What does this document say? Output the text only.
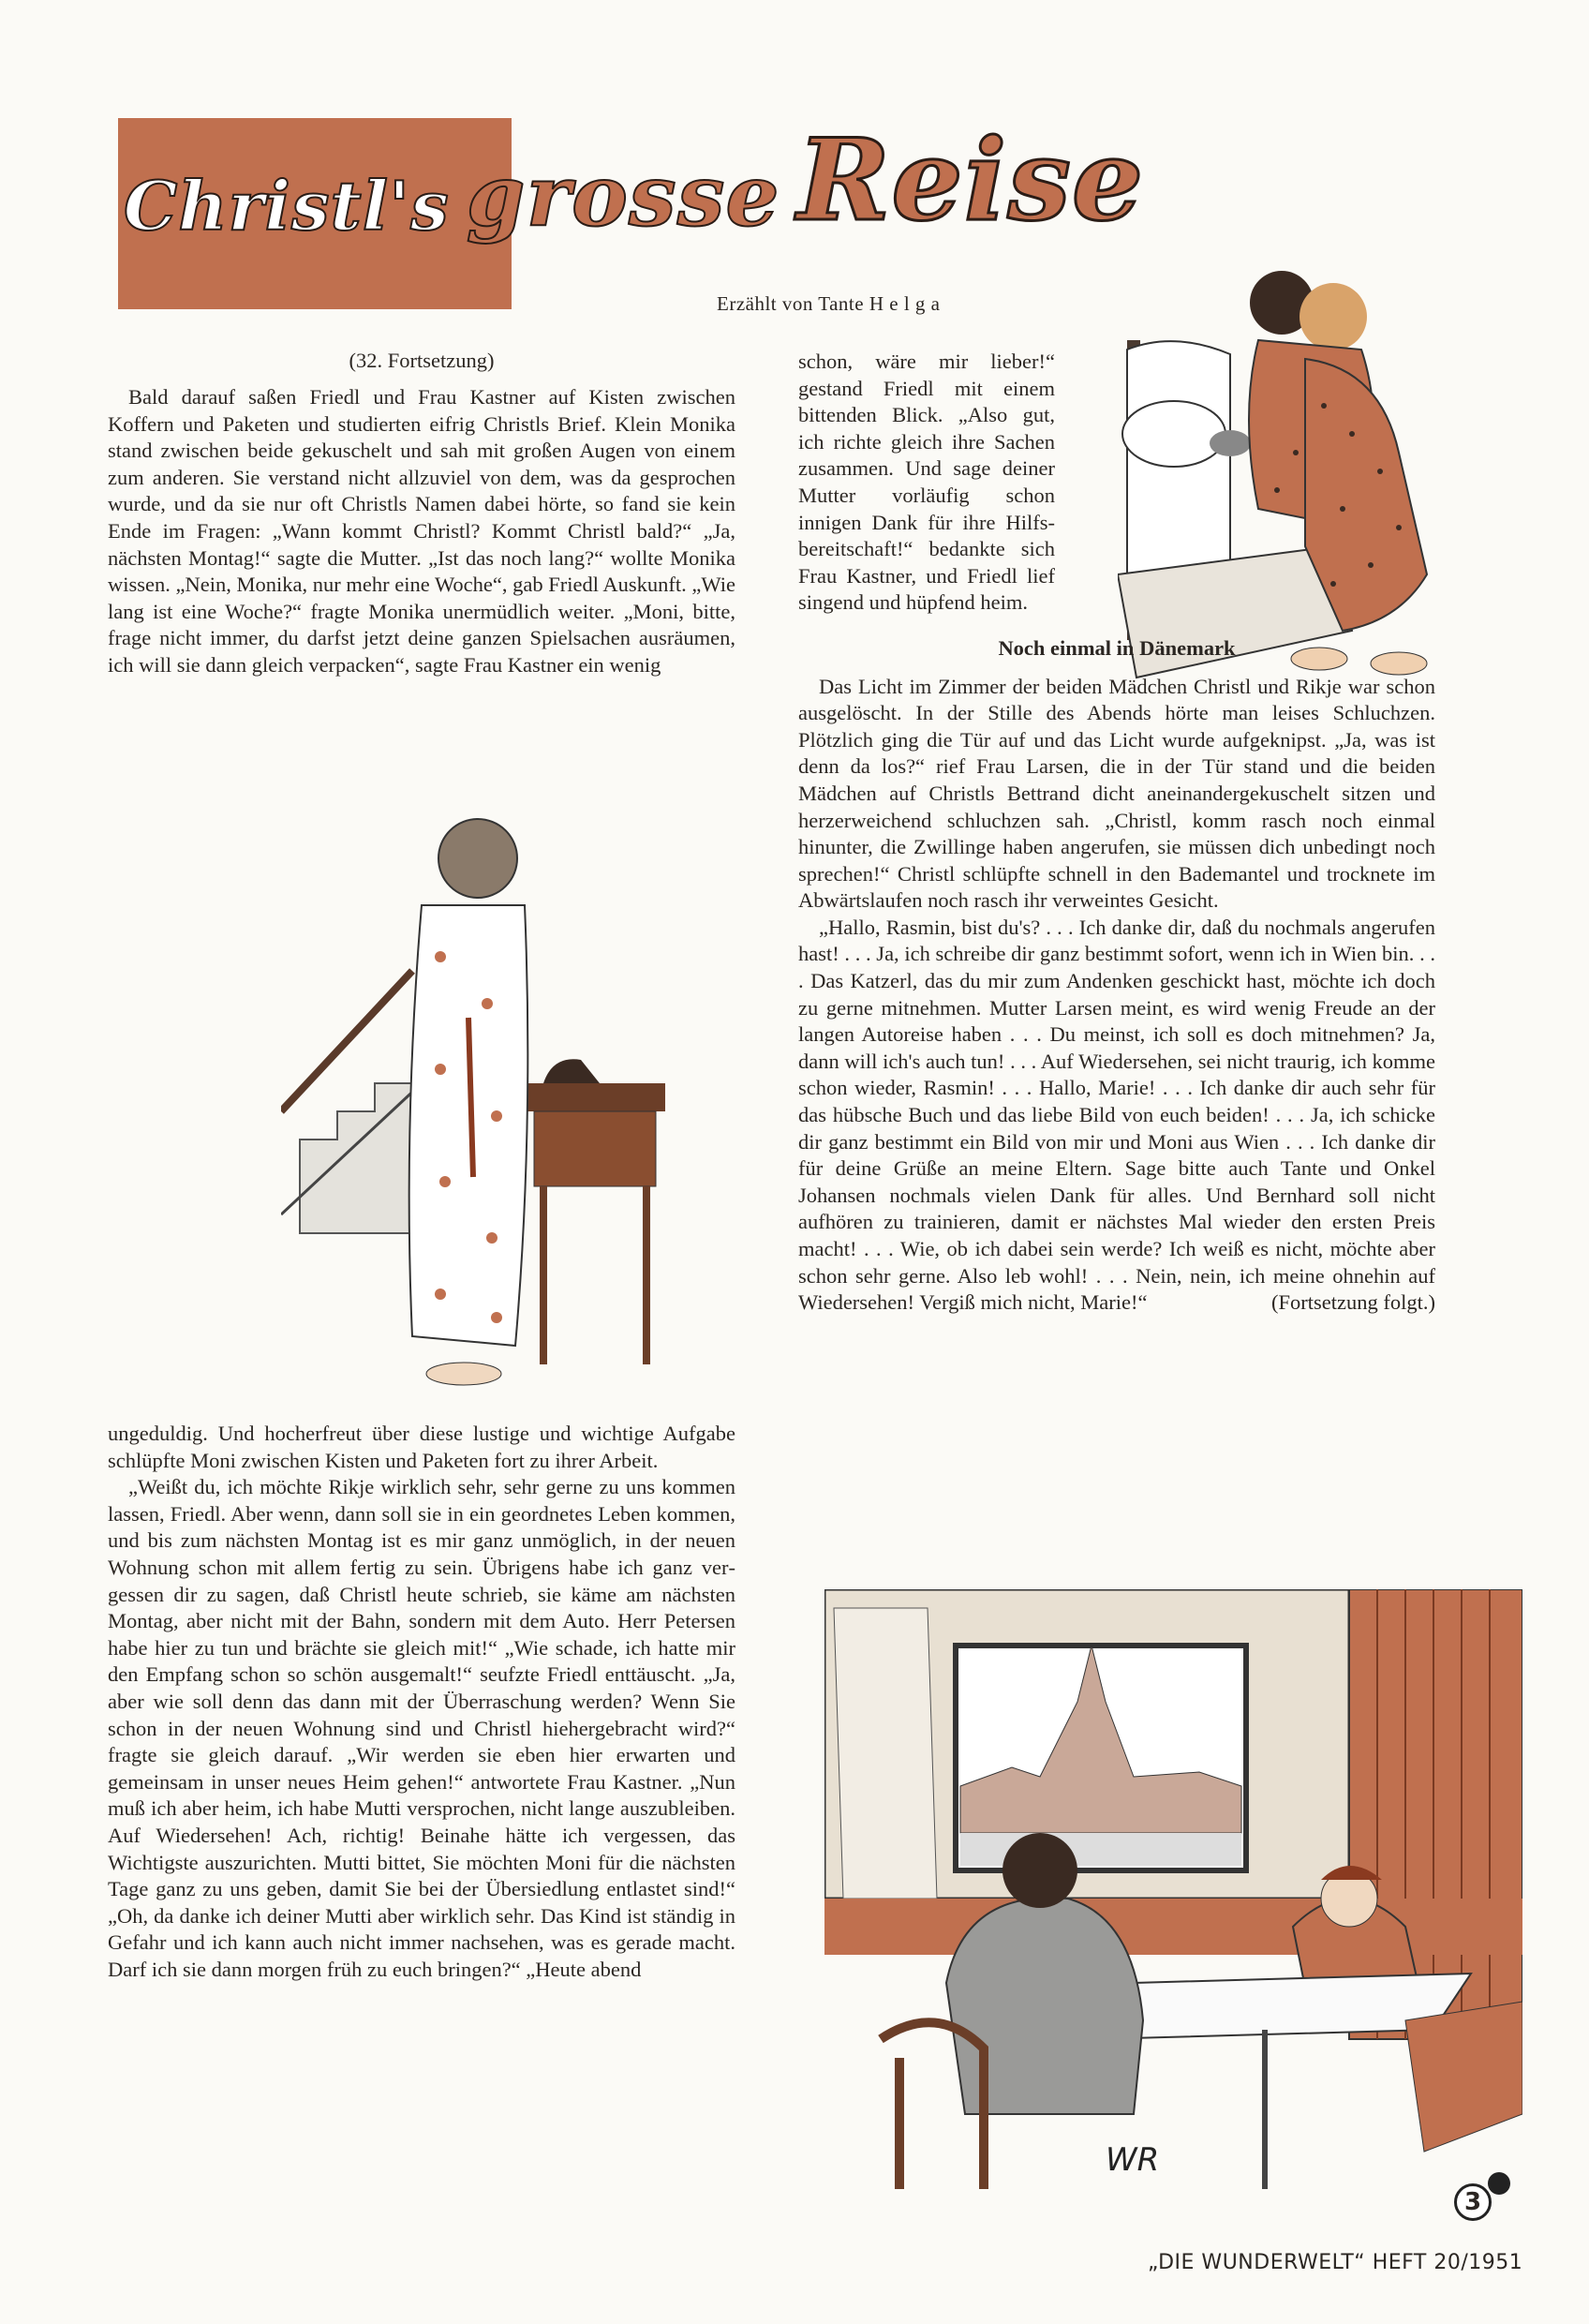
Christl's grosse Reise
Erzählt von Tante H e l g a
(32. Fortsetzung)

Bald darauf saßen Friedl und Frau Kastner auf Kisten zwischen Koffern und Paketen und studierten eifrig Christls Brief. Klein Monika stand zwischen beide gekuschelt und sah mit großen Augen von einem zum anderen. Sie verstand nicht allzuviel von dem, was da gesprochen wurde, und da sie nur oft Christls Namen dabei hörte, so fand sie kein Ende im Fragen: „Wann kommt Christl? Kommt Christl bald?“ „Ja, nächsten Montag!“ sagte die Mutter. „Ist das noch lang?“ wollte Monika wissen. „Nein, Monika, nur mehr eine Woche“, gab Friedl Auskunft. „Wie lang ist eine Woche?“ fragte Monika unermüdlich weiter. „Moni, bitte, frage nicht immer, du darfst jetzt deine ganzen Spielsachen ausräumen, ich will sie dann gleich verpacken“, sagte Frau Kastner ein wenig

ungeduldig. Und hocherfreut über diese lustige und wichtige Aufgabe schlüpfte Moni zwischen Kisten und Paketen fort zu ihrer Arbeit.

„Weißt du, ich möchte Rikje wirklich sehr, sehr gerne zu uns kommen lassen, Friedl. Aber wenn, dann soll sie in ein geordnetes Leben kommen, und bis zum nächsten Montag ist es mir ganz unmöglich, in der neuen Wohnung schon mit allem fertig zu sein. Übrigens habe ich ganz vergessen dir zu sagen, daß Christl heute schrieb, sie käme am nächsten Montag, aber nicht mit der Bahn, sondern mit dem Auto. Herr Petersen habe hier zu tun und brächte sie gleich mit!“ „Wie schade, ich hatte mir den Empfang schon so schön ausgemalt!“ seufzte Friedl enttäuscht. „Ja, aber wie soll denn das dann mit der Überraschung werden? Wenn Sie schon in der neuen Wohnung sind und Christl hiehergebracht wird?“ fragte sie gleich darauf. „Wir werden sie eben hier erwarten und gemeinsam in unser neues Heim gehen!“ antwortete Frau Kastner. „Nun muß ich aber heim, ich habe Mutti versprochen, nicht lange auszubleiben. Auf Wiedersehen! Ach, richtig! Beinahe hätte ich vergessen, das Wichtigste auszurichten. Mutti bittet, Sie möchten Moni für die nächsten Tage ganz zu uns geben, damit Sie bei der Übersiedlung entlastet sind!“ „Oh, da danke ich deiner Mutti aber wirklich sehr. Das Kind ist ständig in Gefahr und ich kann auch nicht immer nachsehen, was es gerade macht. Darf ich sie dann morgen früh zu euch bringen?“ „Heute abend

schon, wäre mir lieber!“ gestand Friedl mit einem bittenden Blick. „Also gut, ich richte gleich ihre Sachen zusammen. Und sage deiner Mutter vorläufig schon innigen Dank für ihre Hilfsbereitschaft!“ bedankte sich Frau Kastner, und Friedl lief singend und hüpfend heim.

Noch einmal in Dänemark

Das Licht im Zimmer der beiden Mädchen Christl und Rikje war schon ausgelöscht. In der Stille des Abends hörte man leises Schluchzen. Plötzlich ging die Tür auf und das Licht wurde aufgeknipst. „Ja, was ist denn da los?“ rief Frau Larsen, die in der Tür stand und die beiden Mädchen auf Christls Bettrand dicht aneinandergekuschelt sitzen und herzerweichend schluchzen sah. „Christl, komm rasch noch einmal hinunter, die Zwillinge haben angerufen, sie müssen dich unbedingt noch sprechen!“ Christl schlüpfte schnell in den Bademantel und trocknete im Abwärtslaufen noch rasch ihr verweintes Gesicht.

„Hallo, Rasmin, bist du's? . . . Ich danke dir, daß du nochmals angerufen hast! . . . Ja, ich schreibe dir ganz bestimmt sofort, wenn ich in Wien bin. . . . Das Katzerl, das du mir zum Andenken geschickt hast, möchte ich doch zu gerne mitnehmen. Mutter Larsen meint, es wird wenig Freude an der langen Autoreise haben . . . Du meinst, ich soll es doch mitnehmen? Ja, dann will ich's auch tun! . . . Auf Wiedersehen, sei nicht traurig, ich komme schon wieder, Rasmin! . . . Hallo, Marie! . . . Ich danke dir auch sehr für das hübsche Buch und das liebe Bild von euch beiden! . . . Ja, ich schicke dir ganz bestimmt ein Bild von mir und Moni aus Wien . . . Ich danke dir für deine Grüße an meine Eltern. Sage bitte auch Tante und Onkel Johansen nochmals vielen Dank für alles. Und Bernhard soll nicht aufhören zu trainieren, damit er nächstes Mal wieder den ersten Preis macht! . . . Wie, ob ich dabei sein werde? Ich weiß es nicht, möchte aber schon sehr gerne. Also leb wohl! . . . Nein, nein, ich meine ohnehin auf Wiedersehen! Vergiß mich nicht, Marie!“	(Fortsetzung folgt.)

WR
3
„DIE WUNDERWELT“ HEFT 20/1951
